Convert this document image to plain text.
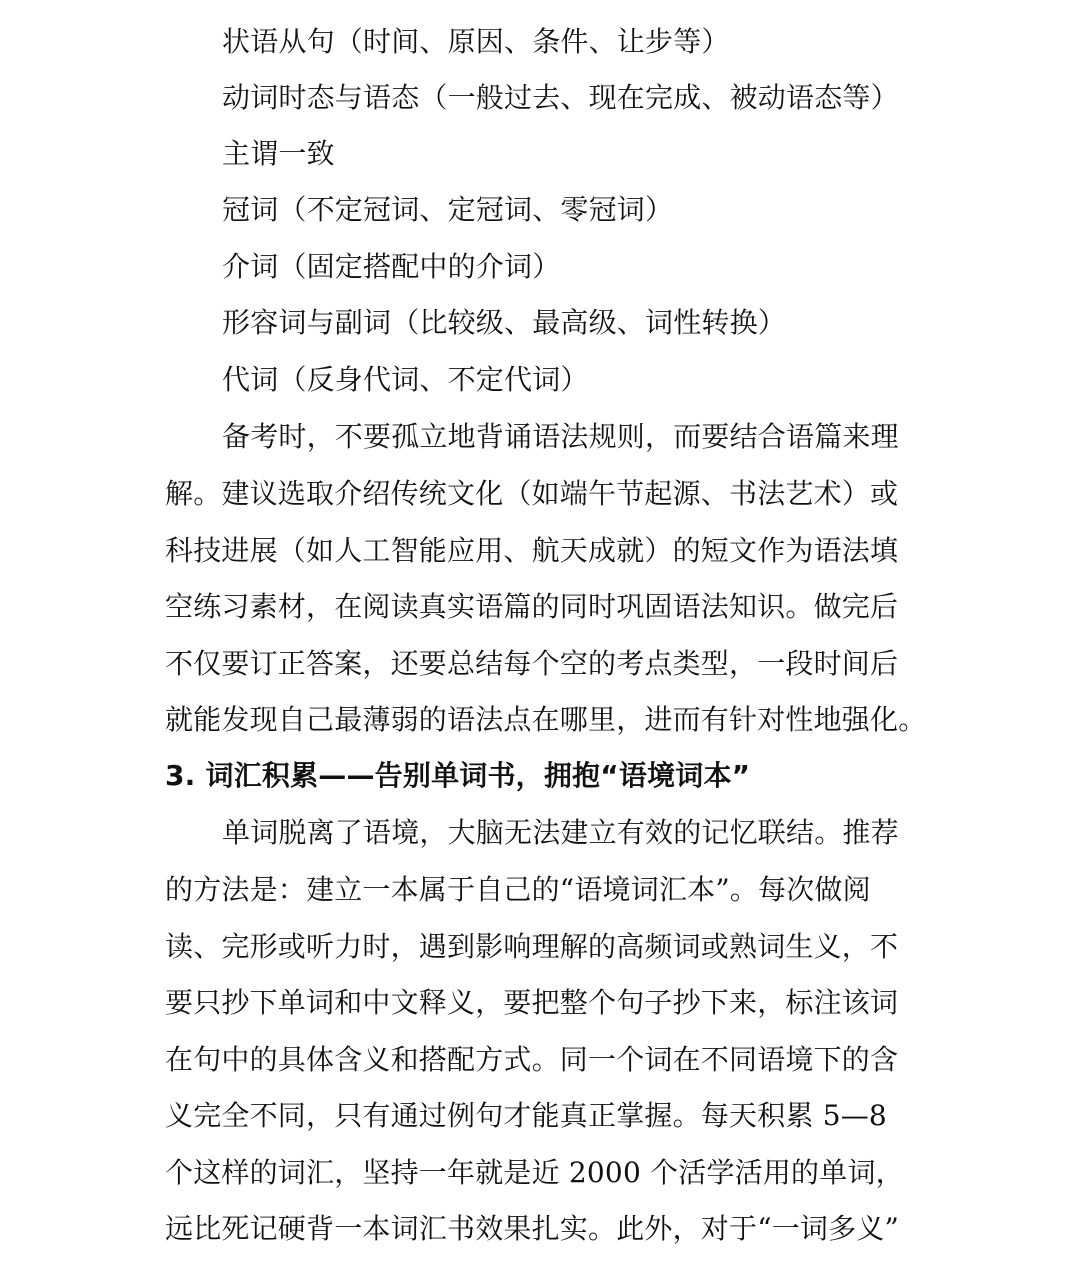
状语从句（时间、原因、条件、让步等）
动词时态与语态（一般过去、现在完成、被动语态等）
主谓一致
冠词（不定冠词、定冠词、零冠词）
介词（固定搭配中的介词）
形容词与副词（比较级、最高级、词性转换）
代词（反身代词、不定代词）
备考时，不要孤立地背诵语法规则，而要结合语篇来理
解。建议选取介绍传统文化（如端午节起源、书法艺术）或
科技进展（如人工智能应用、航天成就）的短文作为语法填
空练习素材，在阅读真实语篇的同时巩固语法知识。做完后
不仅要订正答案，还要总结每个空的考点类型，一段时间后
就能发现自己最薄弱的语法点在哪里，进而有针对性地强化。
3. 词汇积累——告别单词书，拥抱“语境词本”
单词脱离了语境，大脑无法建立有效的记忆联结。推荐
的方法是：建立一本属于自己的“语境词汇本”。每次做阅
读、完形或听力时，遇到影响理解的高频词或熟词生义，不
要只抄下单词和中文释义，要把整个句子抄下来，标注该词
在句中的具体含义和搭配方式。同一个词在不同语境下的含
义完全不同，只有通过例句才能真正掌握。每天积累 5—8
个这样的词汇，坚持一年就是近 2000 个活学活用的单词，
远比死记硬背一本词汇书效果扎实。此外，对于“一词多义”
